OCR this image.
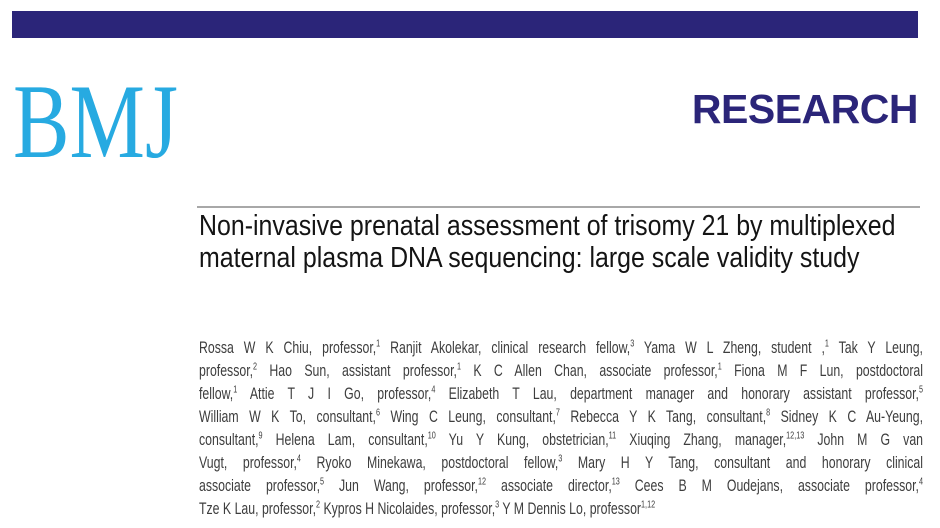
BMJ	RESEARCH
Non-invasive prenatal assessment of trisomy 21 by multiplexed maternal plasma DNA sequencing: large scale validity study
Rossa W K Chiu, professor,$^1$ Ranjit Akolekar, clinical research fellow,$^3$ Yama W L Zheng, student ,$^1$ Tak Y Leung,
professor,$^2$ Hao Sun, assistant professor,$^1$ K C Allen Chan, associate professor,$^1$ Fiona M F Lun, postdoctoral
fellow,$^1$ Attie T J I Go, professor,$^4$ Elizabeth T Lau, department manager and honorary assistant professor,$^5$
William W K To, consultant,$^6$ Wing C Leung, consultant,$^7$ Rebecca Y K Tang, consultant,$^8$ Sidney K C Au-Yeung,
consultant,$^9$ Helena Lam, consultant,$^{10}$ Yu Y Kung, obstetrician,$^{11}$ Xiuqing Zhang, manager,$^{12,13}$ John M G van
Vugt, professor,$^4$ Ryoko Minekawa, postdoctoral fellow,$^3$ Mary H Y Tang, consultant and honorary clinical
associate professor,$^5$ Jun Wang, professor,$^{12}$ associate director,$^{13}$ Cees B M Oudejans, associate professor,$^4$
Tze K Lau, professor,$^2$ Kypros H Nicolaides, professor,$^3$ Y M Dennis Lo, professor$^{1,12}$
